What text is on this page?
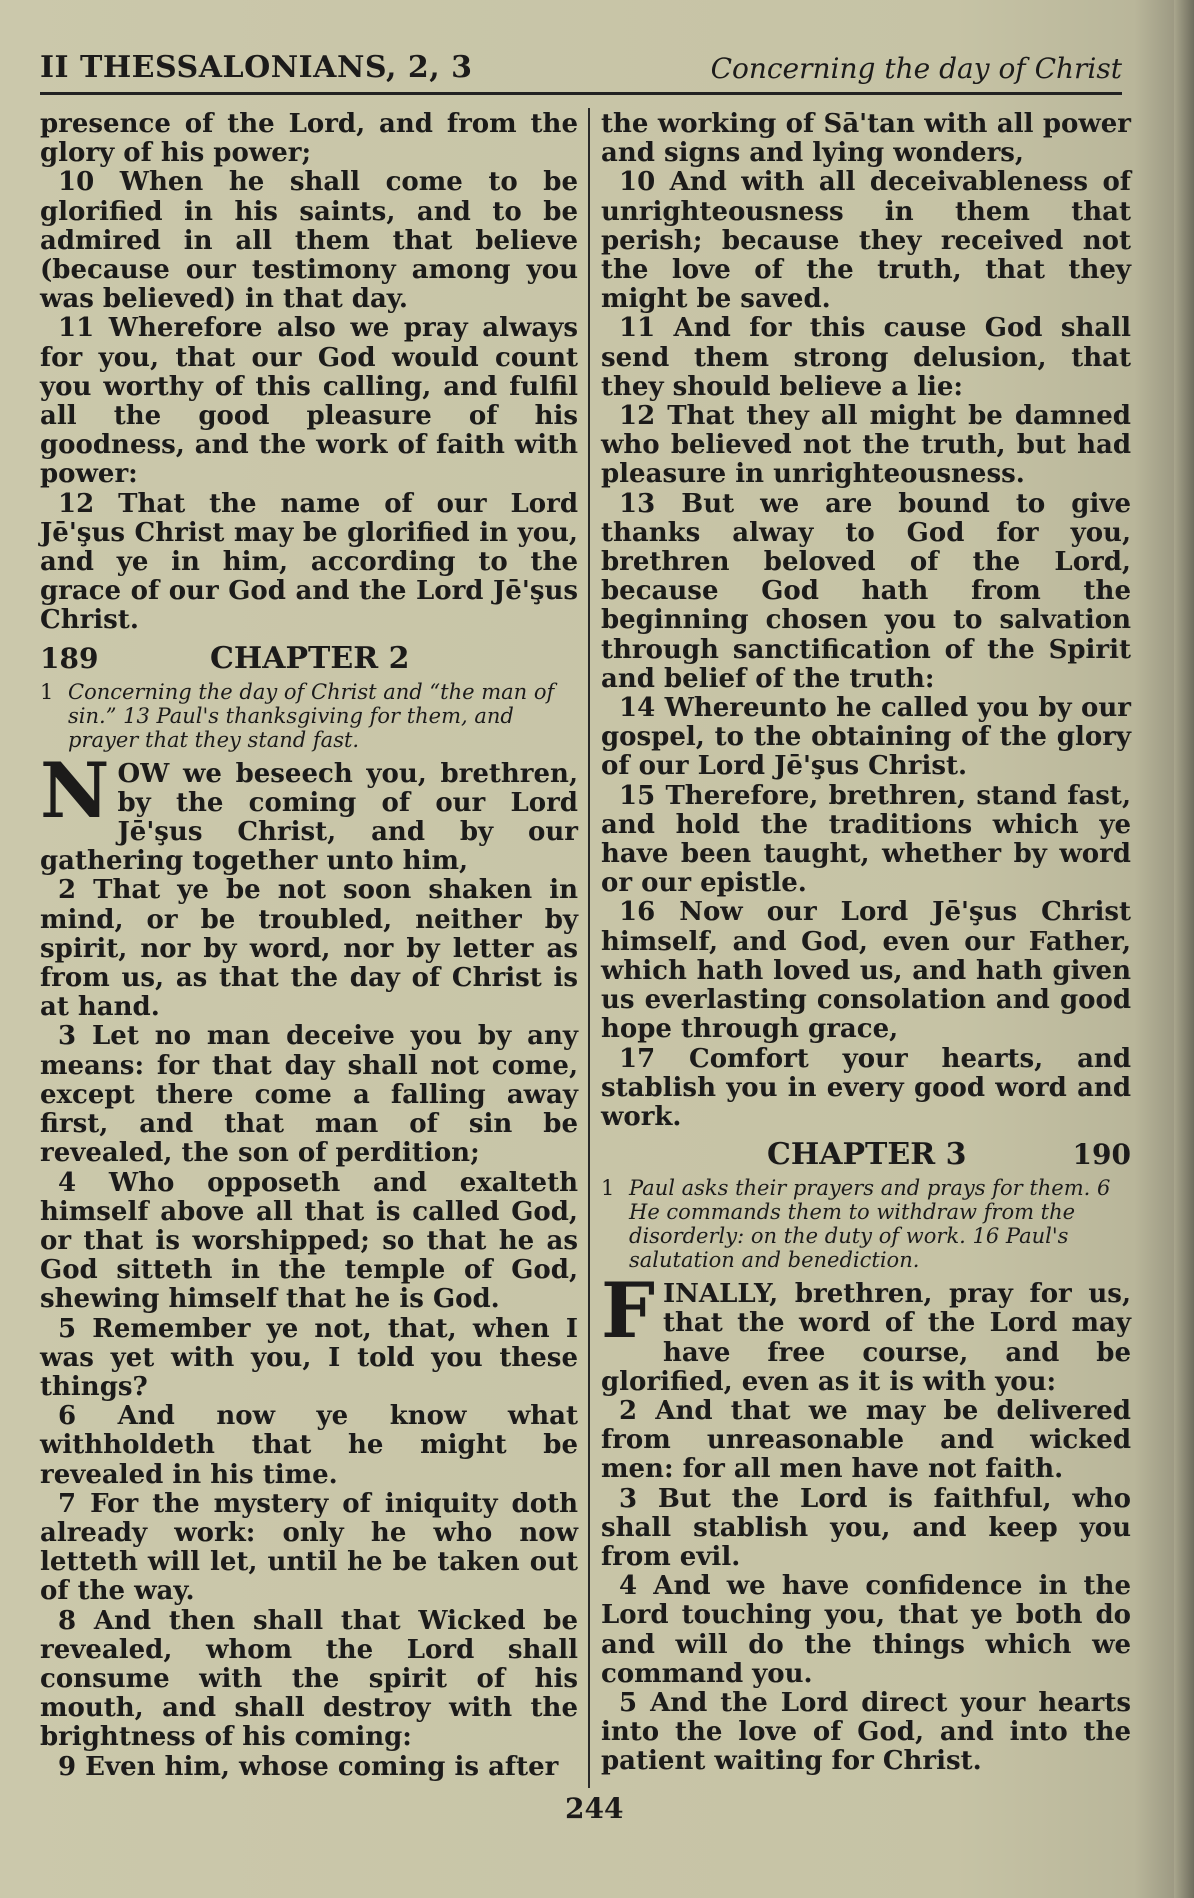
II THESSALONIANS, 2, 3	Concerning the day of Christ

presence of the Lord, and from the glory of his power;

10 When he shall come to be glorified in his saints, and to be admired in all them that believe (because our testimony among you was believed) in that day.

11 Wherefore also we pray always for you, that our God would count you worthy of this calling, and fulfil all the good pleasure of his goodness, and the work of faith with power:

12 That the name of our Lord Jē'şus Christ may be glorified in you, and ye in him, according to the grace of our God and the Lord Jē'şus Christ.

189	CHAPTER 2

1 Concerning the day of Christ and “the man of sin.” 13 Paul's thanksgiving for them, and prayer that they stand fast.

NOW we beseech you, brethren, by the coming of our Lord Jē'şus Christ, and by our gathering together unto him,

2 That ye be not soon shaken in mind, or be troubled, neither by spirit, nor by word, nor by letter as from us, as that the day of Christ is at hand.

3 Let no man deceive you by any means: for that day shall not come, except there come a falling away first, and that man of sin be revealed, the son of perdition;

4 Who opposeth and exalteth himself above all that is called God, or that is worshipped; so that he as God sitteth in the temple of God, shewing himself that he is God.

5 Remember ye not, that, when I was yet with you, I told you these things?

6 And now ye know what withholdeth that he might be revealed in his time.

7 For the mystery of iniquity doth already work: only he who now letteth will let, until he be taken out of the way.

8 And then shall that Wicked be revealed, whom the Lord shall consume with the spirit of his mouth, and shall destroy with the brightness of his coming:

9 Even him, whose coming is after

the working of Sā'tan with all power and signs and lying wonders,

10 And with all deceivableness of unrighteousness in them that perish; because they received not the love of the truth, that they might be saved.

11 And for this cause God shall send them strong delusion, that they should believe a lie:

12 That they all might be damned who believed not the truth, but had pleasure in unrighteousness.

13 But we are bound to give thanks alway to God for you, brethren beloved of the Lord, because God hath from the beginning chosen you to salvation through sanctification of the Spirit and belief of the truth:

14 Whereunto he called you by our gospel, to the obtaining of the glory of our Lord Jē'şus Christ.

15 Therefore, brethren, stand fast, and hold the traditions which ye have been taught, whether by word or our epistle.

16 Now our Lord Jē'şus Christ himself, and God, even our Father, which hath loved us, and hath given us everlasting consolation and good hope through grace,

17 Comfort your hearts, and stablish you in every good word and work.

CHAPTER 3	190

1 Paul asks their prayers and prays for them. 6 He commands them to withdraw from the disorderly: on the duty of work. 16 Paul's salutation and benediction.

FINALLY, brethren, pray for us, that the word of the Lord may have free course, and be glorified, even as it is with you:

2 And that we may be delivered from unreasonable and wicked men: for all men have not faith.

3 But the Lord is faithful, who shall stablish you, and keep you from evil.

4 And we have confidence in the Lord touching you, that ye both do and will do the things which we command you.

5 And the Lord direct your hearts into the love of God, and into the patient waiting for Christ.

244
